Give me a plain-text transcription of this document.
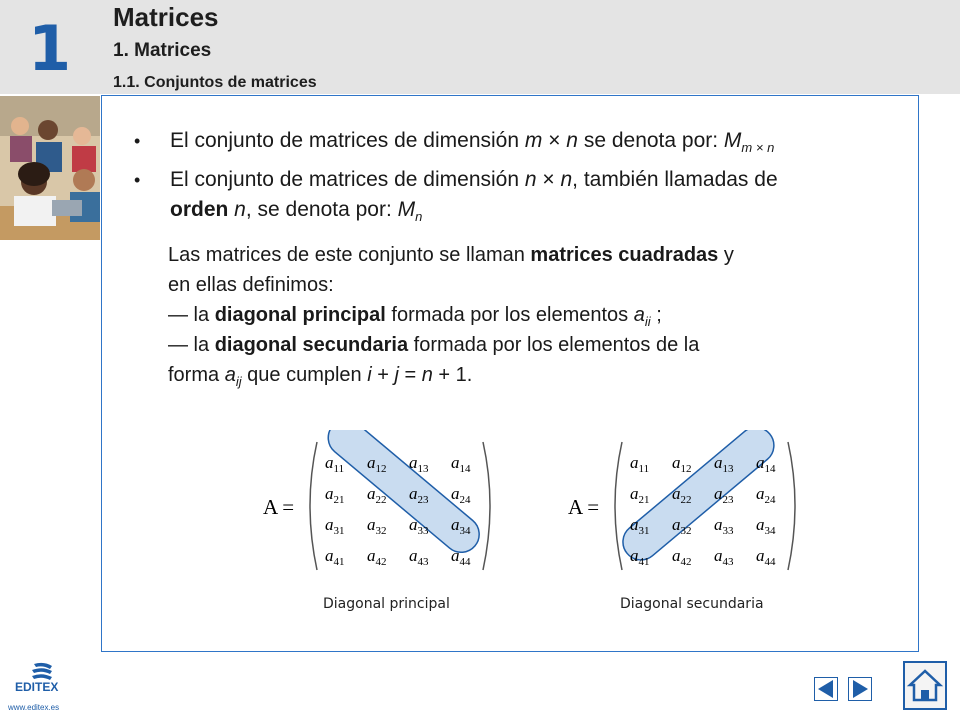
1 Matrices
1. Matrices
1.1. Conjuntos de matrices
• El conjunto de matrices de dimensión m × n se denota por: $M_{m \times n}$
• El conjunto de matrices de dimensión n × n, también llamadas de
orden n, se denota por: $M_n$
Las matrices de este conjunto se llaman matrices cuadradas y
en ellas definimos:
— la diagonal principal formada por los elementos $a_{ii}$ ;
— la diagonal secundaria formada por los elementos de la
forma $a_{ij}$ que cumplen i + j = n + 1.
A =
$a_{11}$ $a_{12}$ $a_{13}$ $a_{14}$
$a_{21}$ $a_{22}$ $a_{23}$ $a_{24}$
$a_{31}$ $a_{32}$ $a_{33}$ $a_{34}$
$a_{41}$ $a_{42}$ $a_{43}$ $a_{44}$
Diagonal principal
A =
$a_{11}$ $a_{12}$ $a_{13}$ $a_{14}$
$a_{21}$ $a_{22}$ $a_{23}$ $a_{24}$
$a_{31}$ $a_{32}$ $a_{33}$ $a_{34}$
$a_{41}$ $a_{42}$ $a_{43}$ $a_{44}$
Diagonal secundaria
EDITEX
www.editex.es
